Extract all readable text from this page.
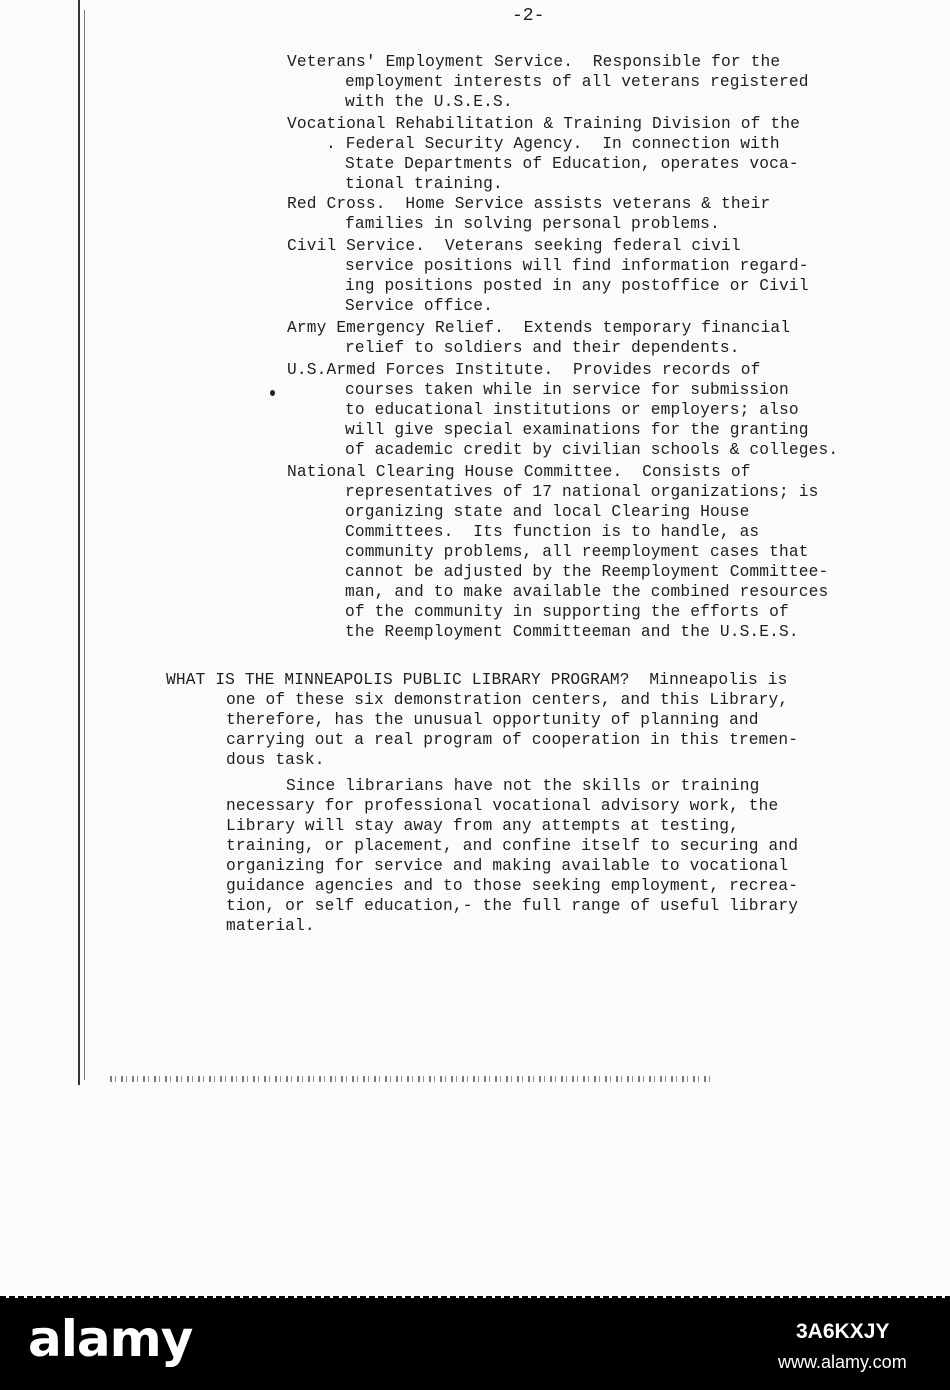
-2-
Veterans' Employment Service.  Responsible for the
employment interests of all veterans registered
with the U.S.E.S.
Vocational Rehabilitation & Training Division of the
. Federal Security Agency.  In connection with
State Departments of Education, operates voca-
tional training.
Red Cross.  Home Service assists veterans & their
families in solving personal problems.
Civil Service.  Veterans seeking federal civil
service positions will find information regard-
ing positions posted in any postoffice or Civil
Service office.
Army Emergency Relief.  Extends temporary financial
relief to soldiers and their dependents.
U.S.Armed Forces Institute.  Provides records of
courses taken while in service for submission
to educational institutions or employers; also
will give special examinations for the granting
of academic credit by civilian schools & colleges.
National Clearing House Committee.  Consists of
representatives of 17 national organizations; is
organizing state and local Clearing House
Committees.  Its function is to handle, as
community problems, all reemployment cases that
cannot be adjusted by the Reemployment Committee-
man, and to make available the combined resources
of the community in supporting the efforts of
the Reemployment Committeeman and the U.S.E.S.
WHAT IS THE MINNEAPOLIS PUBLIC LIBRARY PROGRAM?  Minneapolis is
one of these six demonstration centers, and this Library,
therefore, has the unusual opportunity of planning and
carrying out a real program of cooperation in this tremen-
dous task.
Since librarians have not the skills or training
necessary for professional vocational advisory work, the
Library will stay away from any attempts at testing,
training, or placement, and confine itself to securing and
organizing for service and making available to vocational
guidance agencies and to those seeking employment, recrea-
tion, or self education,- the full range of useful library
material.
alamy	3A6KXJY
www.alamy.com
